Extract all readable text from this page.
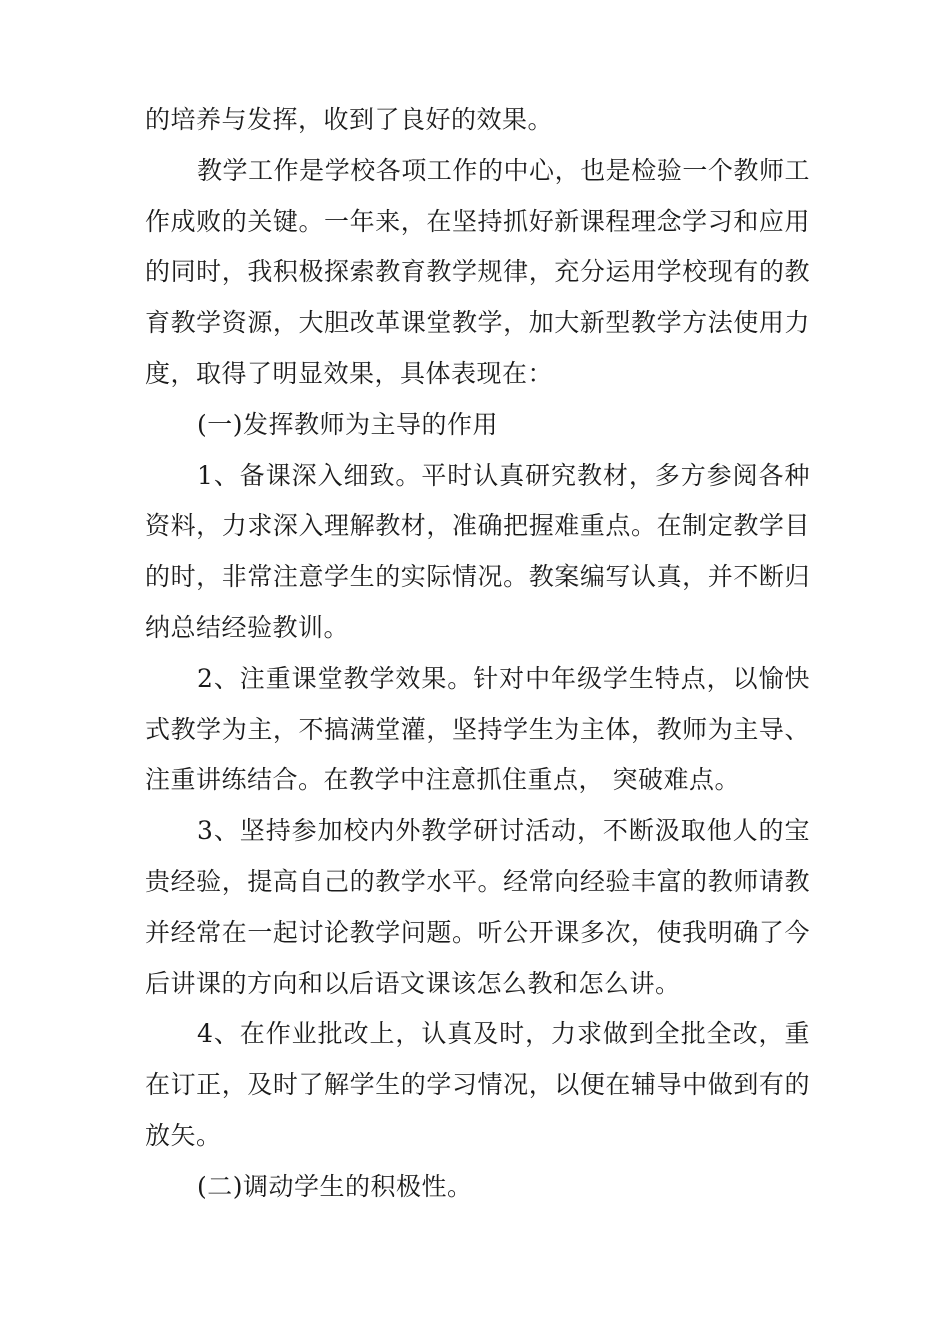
的培养与发挥，收到了良好的效果。

教学工作是学校各项工作的中心，也是检验一个教师工作成败的关键。一年来，在坚持抓好新课程理念学习和应用的同时，我积极探索教育教学规律，充分运用学校现有的教育教学资源，大胆改革课堂教学，加大新型教学方法使用力度，取得了明显效果，具体表现在：

(一)发挥教师为主导的作用

1、备课深入细致。平时认真研究教材，多方参阅各种资料，力求深入理解教材，准确把握难重点。在制定教学目的时，非常注意学生的实际情况。教案编写认真，并不断归纳总结经验教训。

2、注重课堂教学效果。针对中年级学生特点，以愉快式教学为主，不搞满堂灌，坚持学生为主体，教师为主导、注重讲练结合。在教学中注意抓住重点， 突破难点。

3、坚持参加校内外教学研讨活动，不断汲取他人的宝贵经验，提高自己的教学水平。经常向经验丰富的教师请教并经常在一起讨论教学问题。听公开课多次，使我明确了今后讲课的方向和以后语文课该怎么教和怎么讲。

4、在作业批改上，认真及时，力求做到全批全改，重在订正，及时了解学生的学习情况，以便在辅导中做到有的放矢。

(二)调动学生的积极性。
